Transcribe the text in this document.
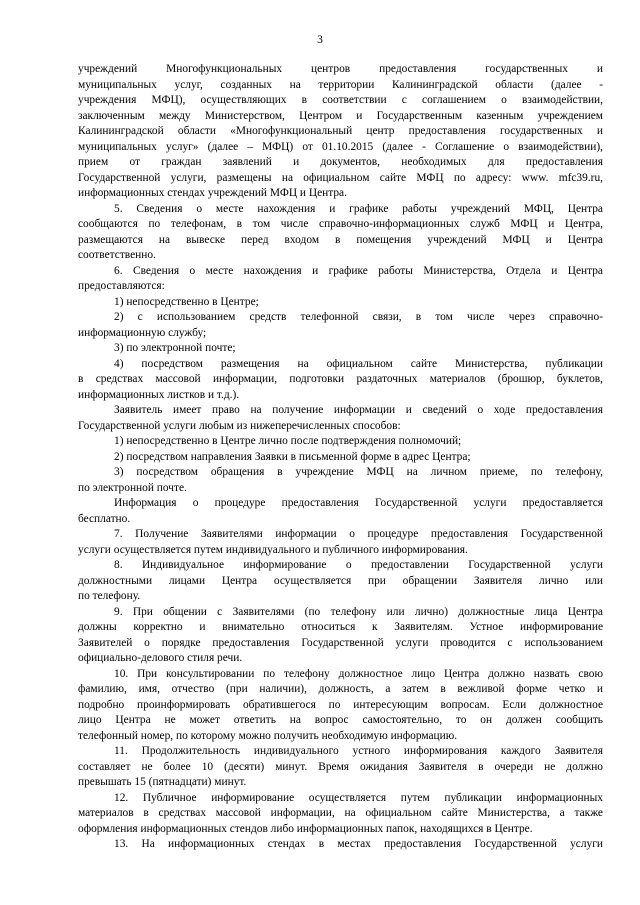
3
учреждений Многофункциональных центров предоставления государственных и
муниципальных услуг, созданных на территории Калининградской области (далее -
учреждения МФЦ), осуществляющих в соответствии с соглашением о взаимодействии,
заключенным между Министерством, Центром и Государственным казенным учреждением
Калининградской области «Многофункциональный центр предоставления государственных и
муниципальных услуг» (далее – МФЦ) от 01.10.2015 (далее - Соглашение о взаимодействии),
прием от граждан заявлений и документов, необходимых для предоставления
Государственной услуги, размещены на официальном сайте МФЦ по адресу: www. mfc39.ru,
информационных стендах учреждений МФЦ и Центра.
5. Сведения о месте нахождения и графике работы учреждений МФЦ, Центра
сообщаются по телефонам, в том числе справочно-информационных служб МФЦ и Центра,
размещаются на вывеске перед входом в помещения учреждений МФЦ и Центра
соответственно.
6. Сведения о месте нахождения и графике работы Министерства, Отдела и Центра
предоставляются:
1) непосредственно в Центре;
2) с использованием средств телефонной связи, в том числе через справочно-
информационную службу;
3) по электронной почте;
4) посредством размещения на официальном сайте Министерства, публикации
в средствах массовой информации, подготовки раздаточных материалов (брошюр, буклетов,
информационных листков и т.д.).
Заявитель имеет право на получение информации и сведений о ходе предоставления
Государственной услуги любым из нижеперечисленных способов:
1) непосредственно в Центре лично после подтверждения полномочий;
2) посредством направления Заявки в письменной форме в адрес Центра;
3) посредством обращения в учреждение МФЦ на личном приеме, по телефону,
по электронной почте.
Информация о процедуре предоставления Государственной услуги предоставляется
бесплатно.
7. Получение Заявителями информации о процедуре предоставления Государственной
услуги осуществляется путем индивидуального и публичного информирования.
8. Индивидуальное информирование о предоставлении Государственной услуги
должностными лицами Центра осуществляется при обращении Заявителя лично или
по телефону.
9. При общении с Заявителями (по телефону или лично) должностные лица Центра
должны корректно и внимательно относиться к Заявителям. Устное информирование
Заявителей о порядке предоставления Государственной услуги проводится с использованием
официально-делового стиля речи.
10. При консультировании по телефону должностное лицо Центра должно назвать свою
фамилию, имя, отчество (при наличии), должность, а затем в вежливой форме четко и
подробно проинформировать обратившегося по интересующим вопросам. Если должностное
лицо Центра не может ответить на вопрос самостоятельно, то он должен сообщить
телефонный номер, по которому можно получить необходимую информацию.
11. Продолжительность индивидуального устного информирования каждого Заявителя
составляет не более 10 (десяти) минут. Время ожидания Заявителя в очереди не должно
превышать 15 (пятнадцати) минут.
12. Публичное информирование осуществляется путем публикации информационных
материалов в средствах массовой информации, на официальном сайте Министерства, а также
оформления информационных стендов либо информационных папок, находящихся в Центре.
13. На информационных стендах в местах предоставления Государственной услуги
